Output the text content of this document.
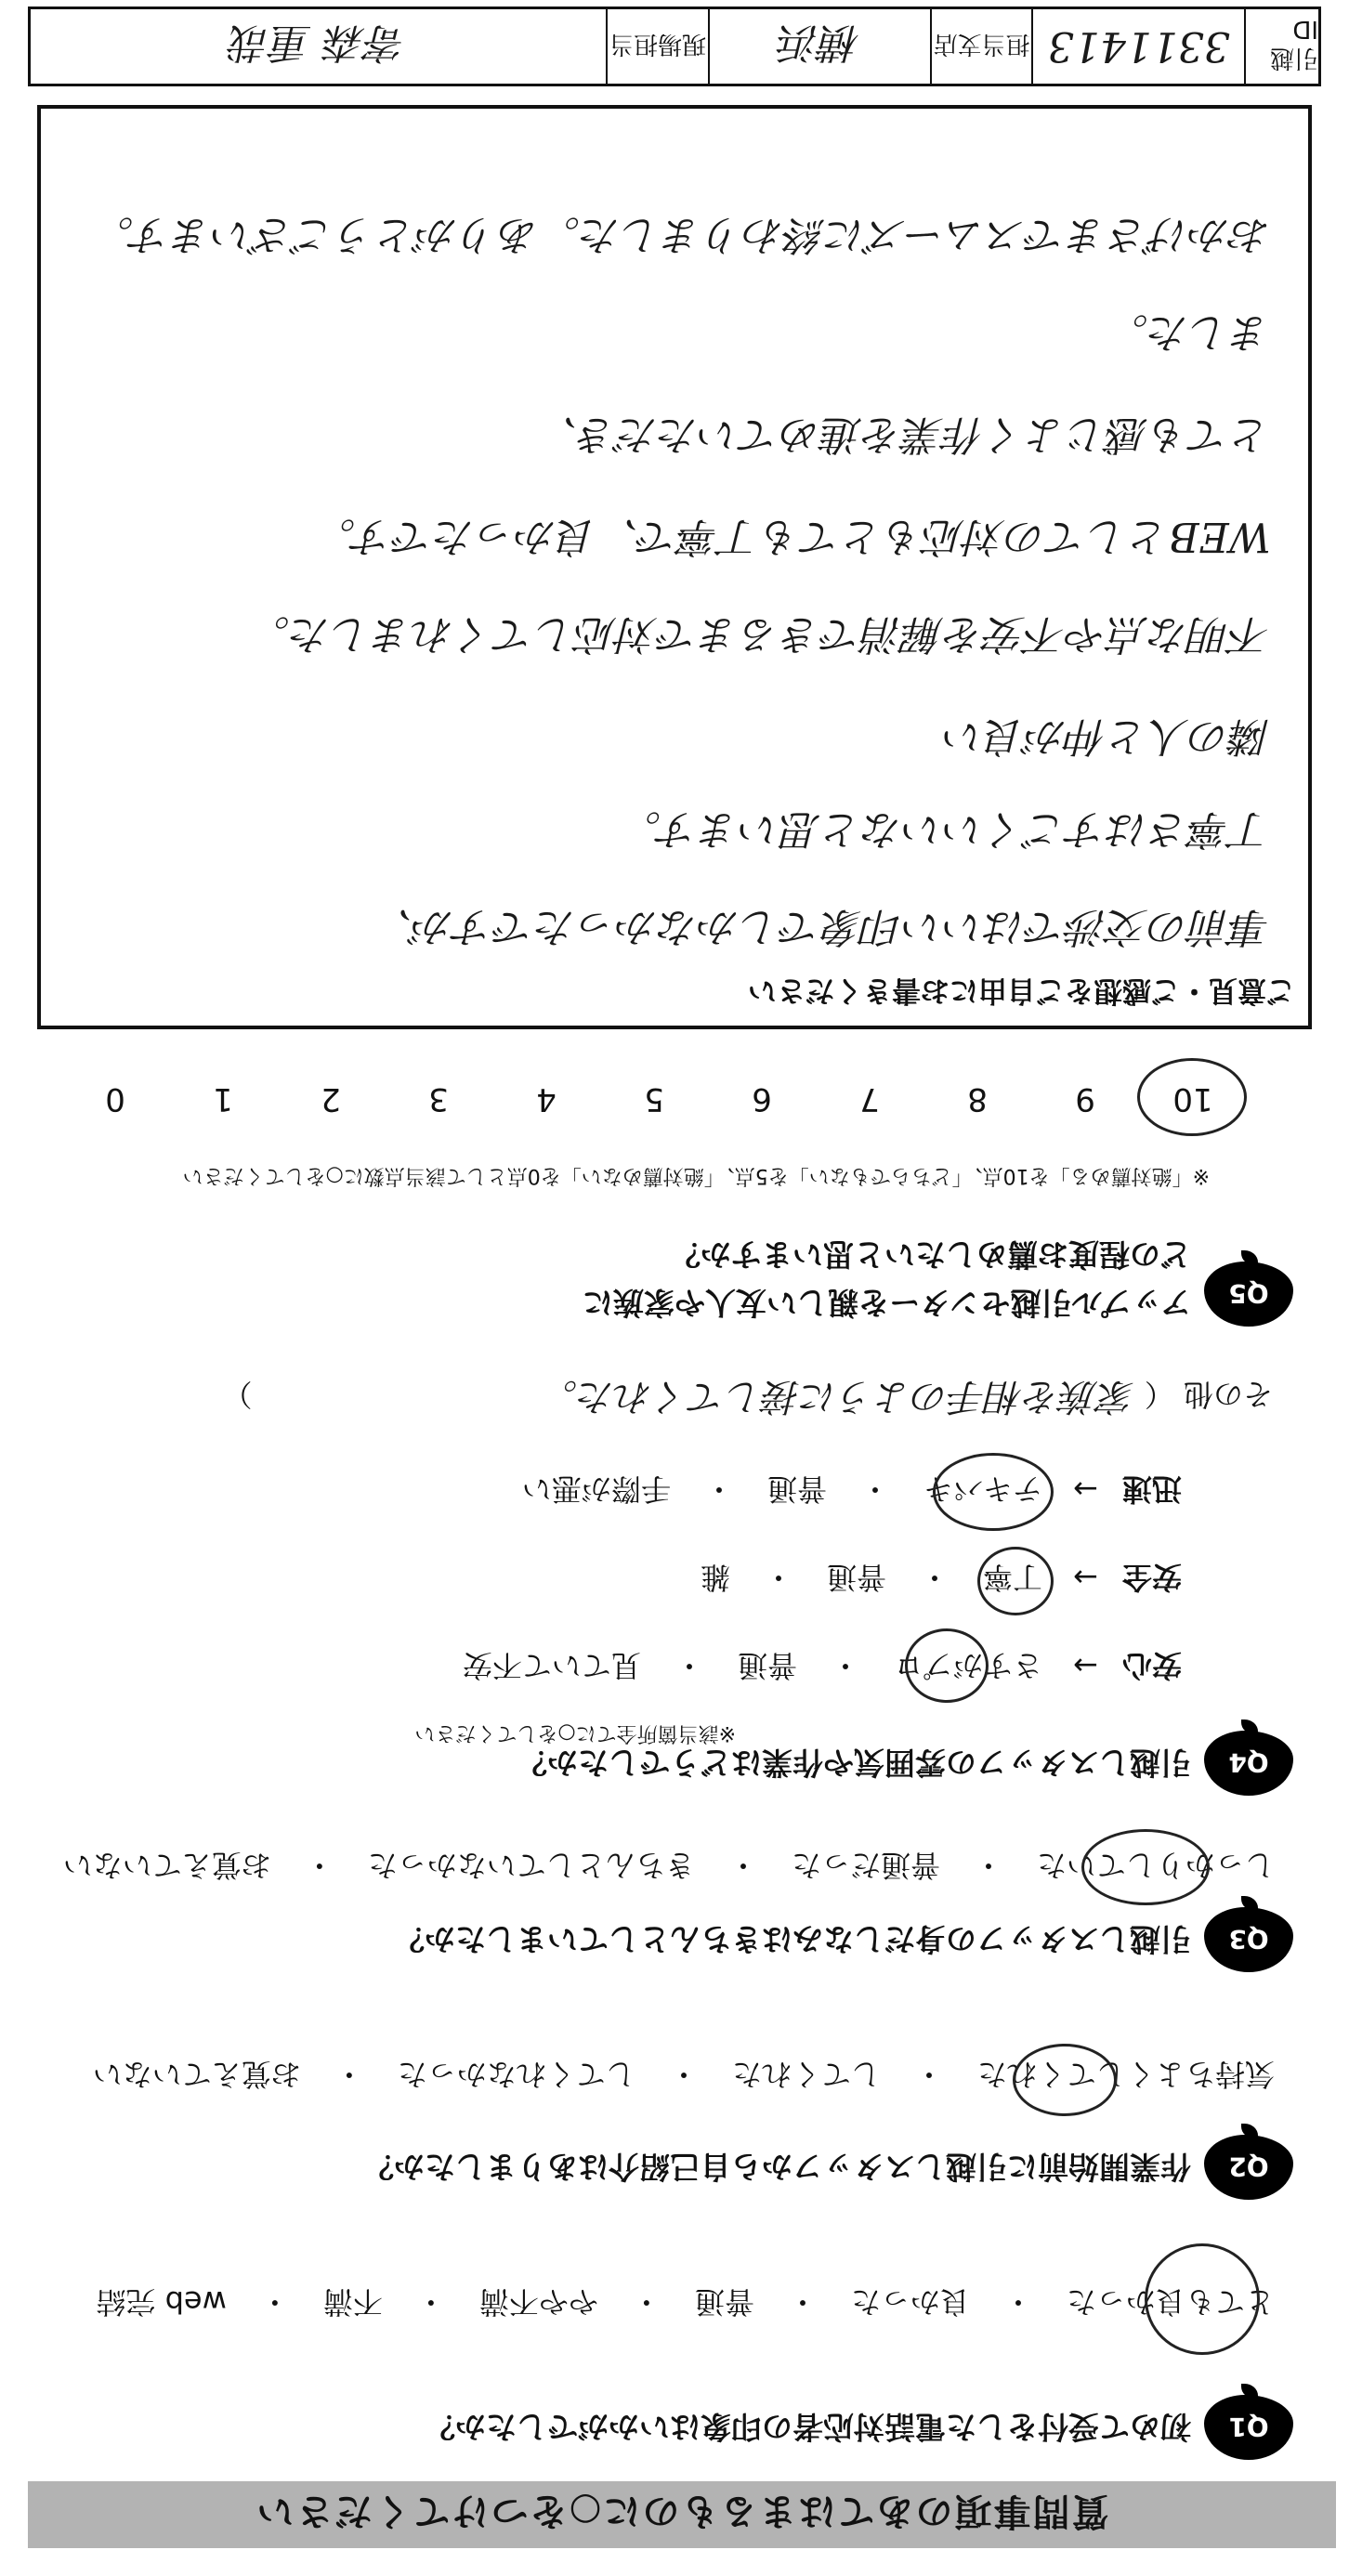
質問事項のあてはまるものに○をつけてください
Q1
初めて受付をした電話対応者の印象はいかがでしたか？
とても良かった・良かった・普通・やや不満・不満・web 完結
Q2
作業開始前に引越しスタッフから自己紹介はありましたか？
気持ちよくしてくれた・してくれた・してくれなかった・お覚えていない
Q3
引越しスタッフの身だしなみはきちんとしていましたか？
しっかりしていた・普通だった・きちんとしていなかった・お覚えていない
Q4
引越しスタッフの雰囲気や作業はどうでしたか？
※該当箇所全てに○をしてください
安心→さすがプロ・普通・見ていて不安
安全→丁寧・普通・雑
迅速→テキパキ・普通・手際が悪い
その他 （ 家族を相手のように接してくれた。 ）
Q5
アップル引越センターを親しい友人や家族に
どの程度お薦めしたいと思いますか？
※「絶対薦める」を10点、「どちらでもない」を5点、「絶対薦めない」を0点として該当点数に○をしてください
109876543210
ご意見・ご感想をご自由にお書きください
事前の交渉ではいい印象でしかなかったですが、
丁寧さはすごくいいなと思います。
隣の人と仲が良い
不明な点や不安を解消できるまで対応してくれました。
WEBとしての対応もとても丁寧で、良かったです。
とても感じよく作業を進めていただき、
ました。
おかげさまでスムーズに終わりました。ありがとうございます。
引越 ID
3311413
担当支店
横浜
現場担当
寄森 重哉
